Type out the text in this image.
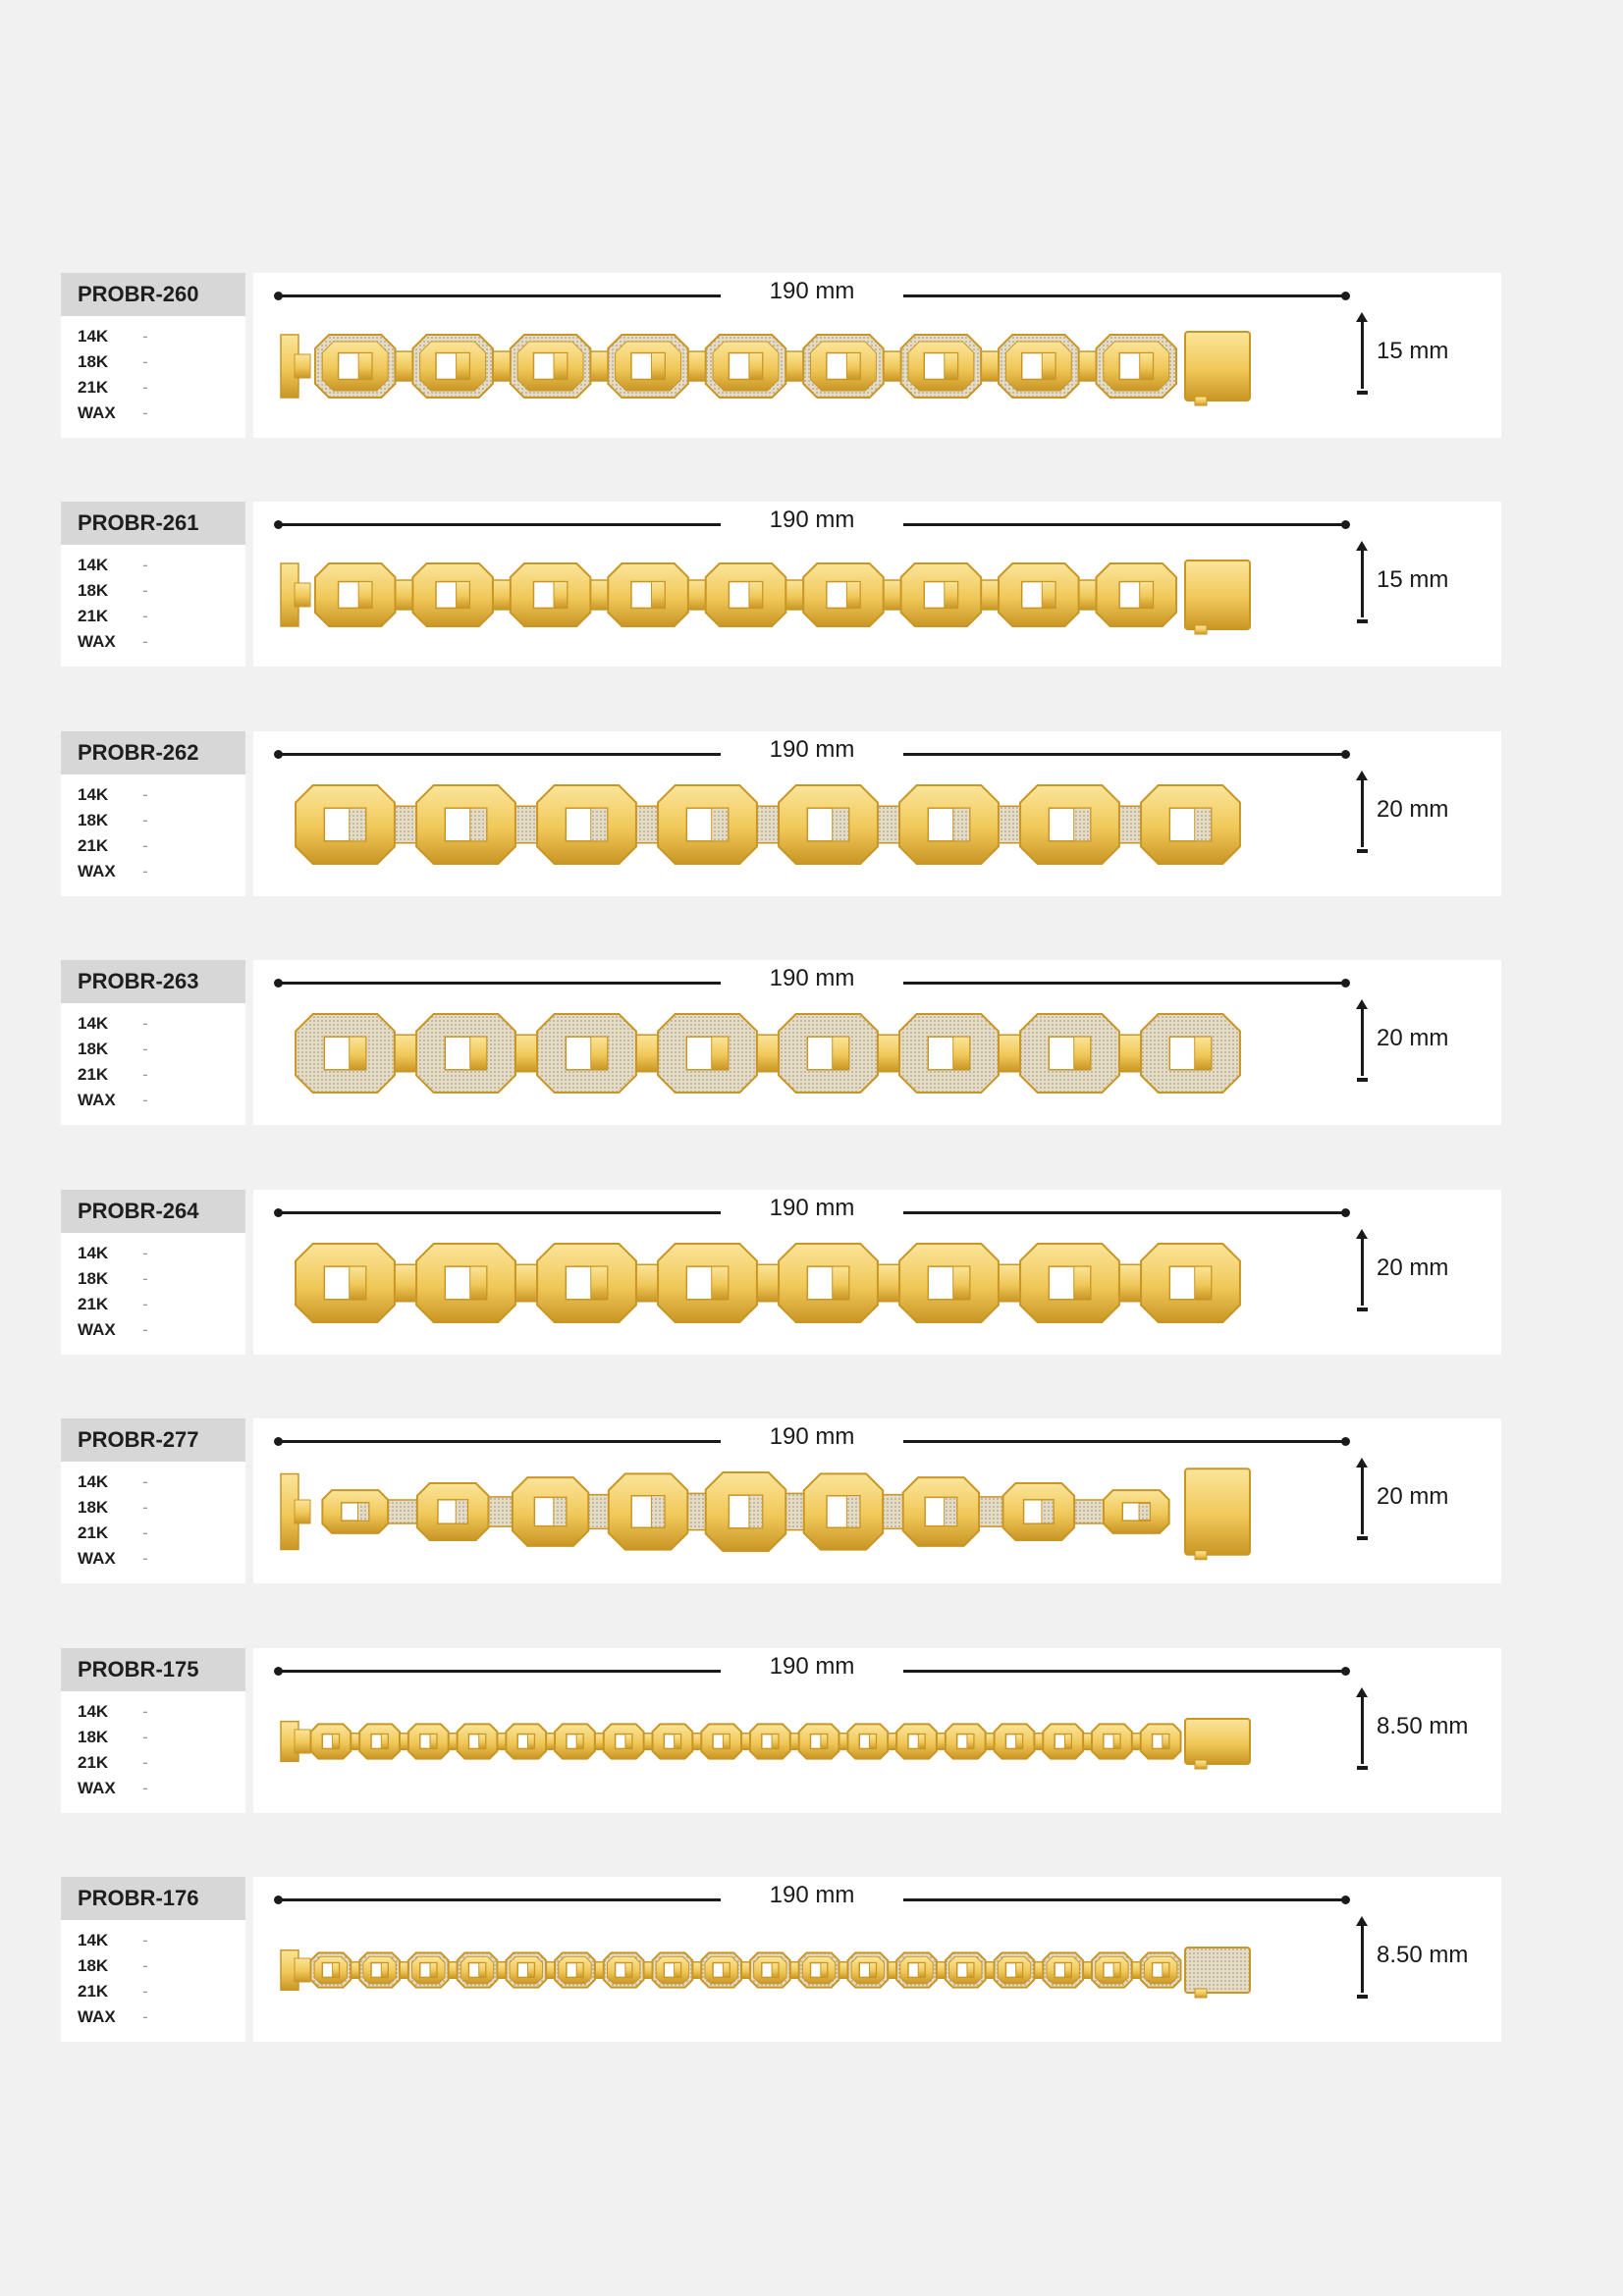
PROBR-260
14K -
18K -
21K -
WAX -
190 mm
15 mm
PROBR-261
14K -
18K -
21K -
WAX -
190 mm
15 mm
PROBR-262
14K -
18K -
21K -
WAX -
190 mm
20 mm
PROBR-263
14K -
18K -
21K -
WAX -
190 mm
20 mm
PROBR-264
14K -
18K -
21K -
WAX -
190 mm
20 mm
PROBR-277
14K -
18K -
21K -
WAX -
190 mm
20 mm
PROBR-175
14K -
18K -
21K -
WAX -
190 mm
8.50 mm
PROBR-176
14K -
18K -
21K -
WAX -
190 mm
8.50 mm
